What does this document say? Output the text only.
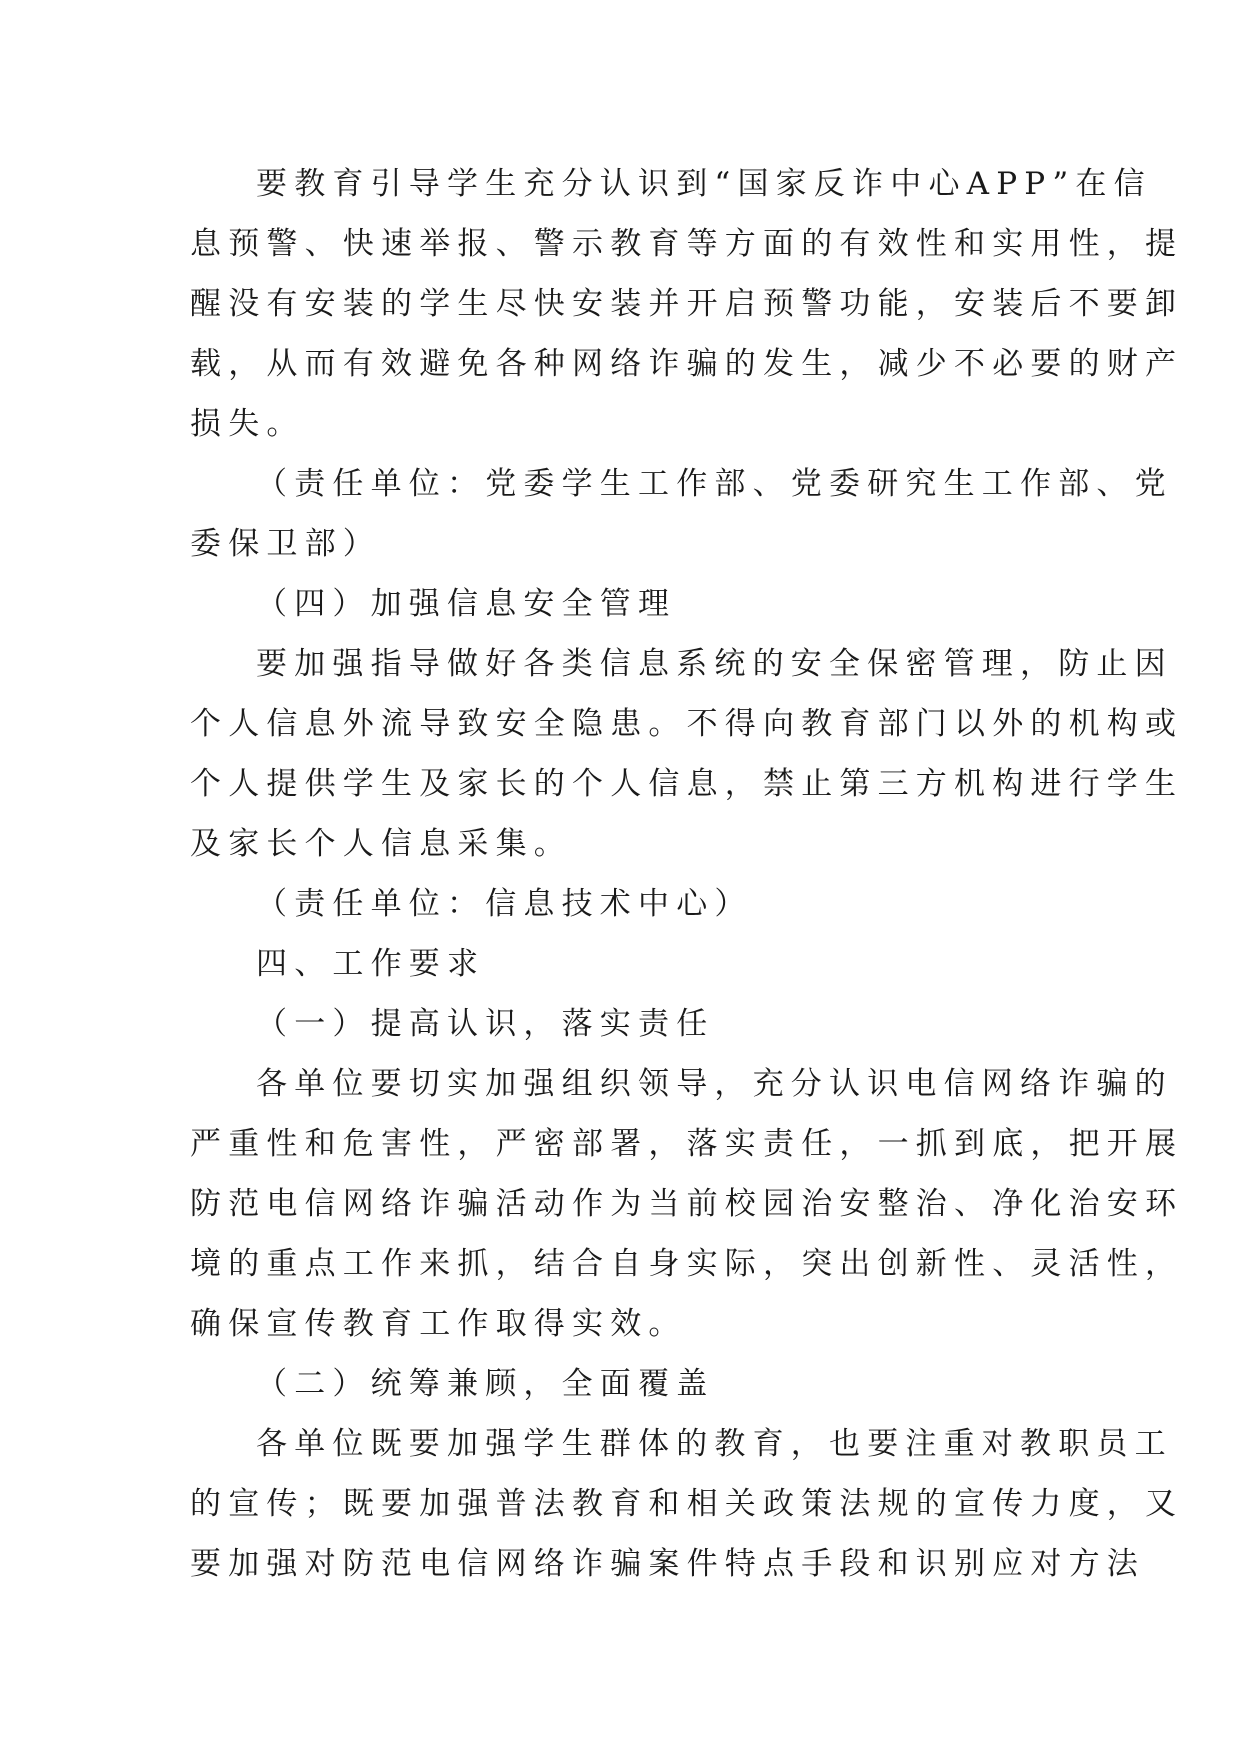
要教育引导学生充分认识到“国家反诈中心APP”在信
息预警、快速举报、警示教育等方面的有效性和实用性，提
醒没有安装的学生尽快安装并开启预警功能，安装后不要卸
载，从而有效避免各种网络诈骗的发生，减少不必要的财产
损失。
（责任单位：党委学生工作部、党委研究生工作部、党
委保卫部）
（四）加强信息安全管理
要加强指导做好各类信息系统的安全保密管理，防止因
个人信息外流导致安全隐患。不得向教育部门以外的机构或
个人提供学生及家长的个人信息，禁止第三方机构进行学生
及家长个人信息采集。
（责任单位：信息技术中心）
四、工作要求
（一）提高认识，落实责任
各单位要切实加强组织领导，充分认识电信网络诈骗的
严重性和危害性，严密部署，落实责任，一抓到底，把开展
防范电信网络诈骗活动作为当前校园治安整治、净化治安环
境的重点工作来抓，结合自身实际，突出创新性、灵活性，
确保宣传教育工作取得实效。
（二）统筹兼顾，全面覆盖
各单位既要加强学生群体的教育，也要注重对教职员工
的宣传；既要加强普法教育和相关政策法规的宣传力度，又
要加强对防范电信网络诈骗案件特点手段和识别应对方法
